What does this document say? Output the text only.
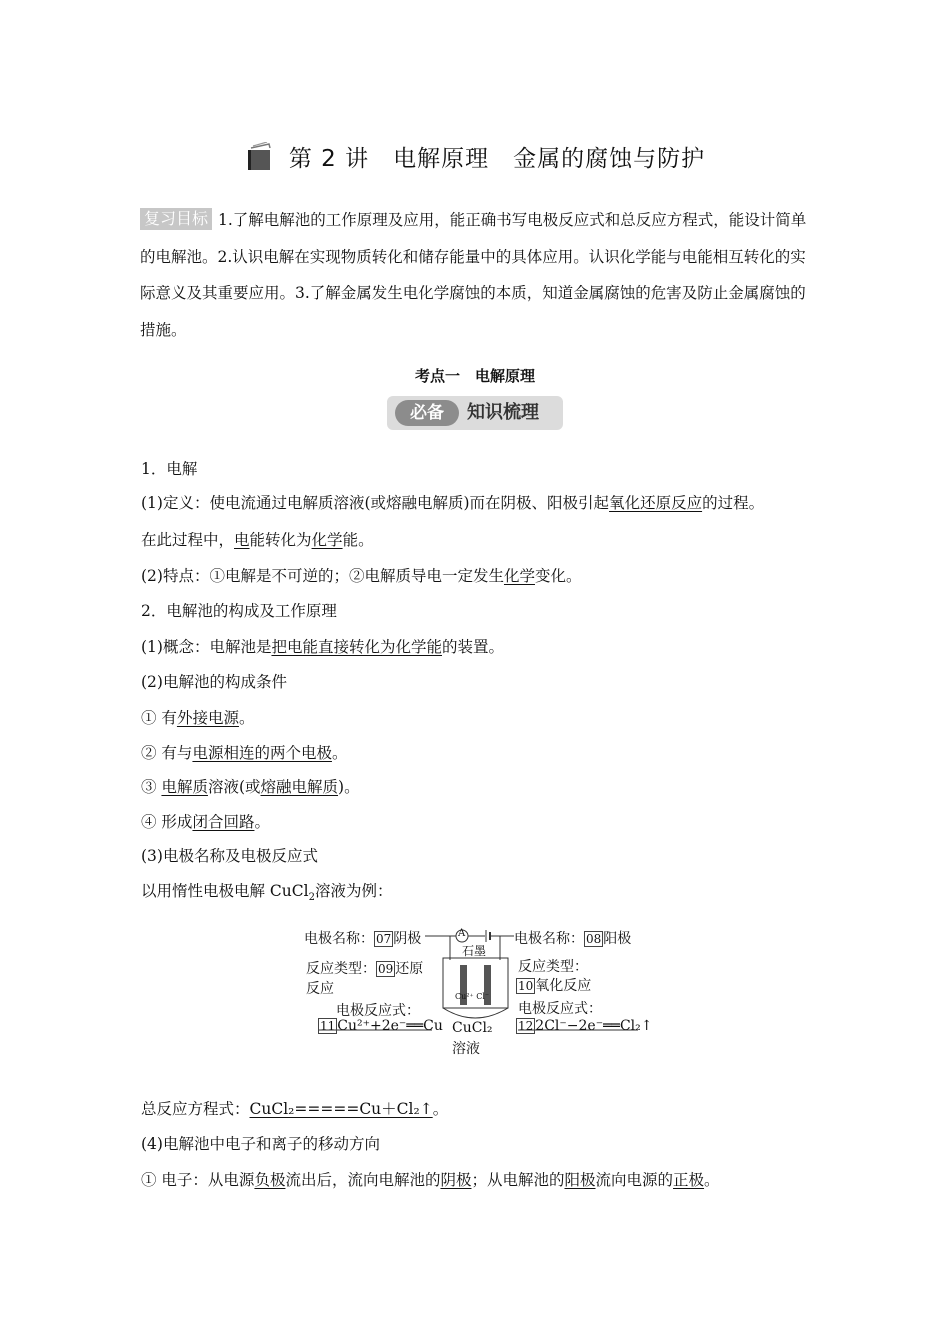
第 2 讲　电解原理　金属的腐蚀与防护
复习目标 1.了解电解池的工作原理及应用，能正确书写电极反应式和总反应方程式，能设计简单的电解池。2.认识电解在实现物质转化和储存能量中的具体应用。认识化学能与电能相互转化的实际意义及其重要应用。3.了解金属发生电化学腐蚀的本质，知道金属腐蚀的危害及防止金属腐蚀的措施。
考点一　电解原理
必备	知识梳理
1．电解
(1)定义：使电流通过电解质溶液(或熔融电解质)而在阴极、阳极引起氧化还原反应的过程。
在此过程中，电能转化为化学能。
(2)特点：①电解是不可逆的；②电解质导电一定发生化学变化。
2．电解池的构成及工作原理
(1)概念：电解池是把电能直接转化为化学能的装置。
(2)电解池的构成条件
① 有外接电源。
② 有与电源相连的两个电极。
③ 电解质溶液(或熔融电解质)。
④ 形成闭合回路。
(3)电极名称及电极反应式
以用惰性电极电解 CuCl$_2$溶液为例：
电极名称： 07 阴极
反应类型： 09 还原
反应
电极反应式：
11 Cu²⁺+2e⁻══Cu
A
石墨
Cu²⁺ Cl⁻
CuCl₂
溶液
电极名称： 08 阳极
反应类型：
10 氧化反应
电极反应式：
12 2Cl⁻−2e⁻══Cl₂↑
总反应方程式：CuCl₂=====Cu＋Cl₂↑。
(4)电解池中电子和离子的移动方向
① 电子：从电源负极流出后，流向电解池的阴极；从电解池的阳极流向电源的正极。
